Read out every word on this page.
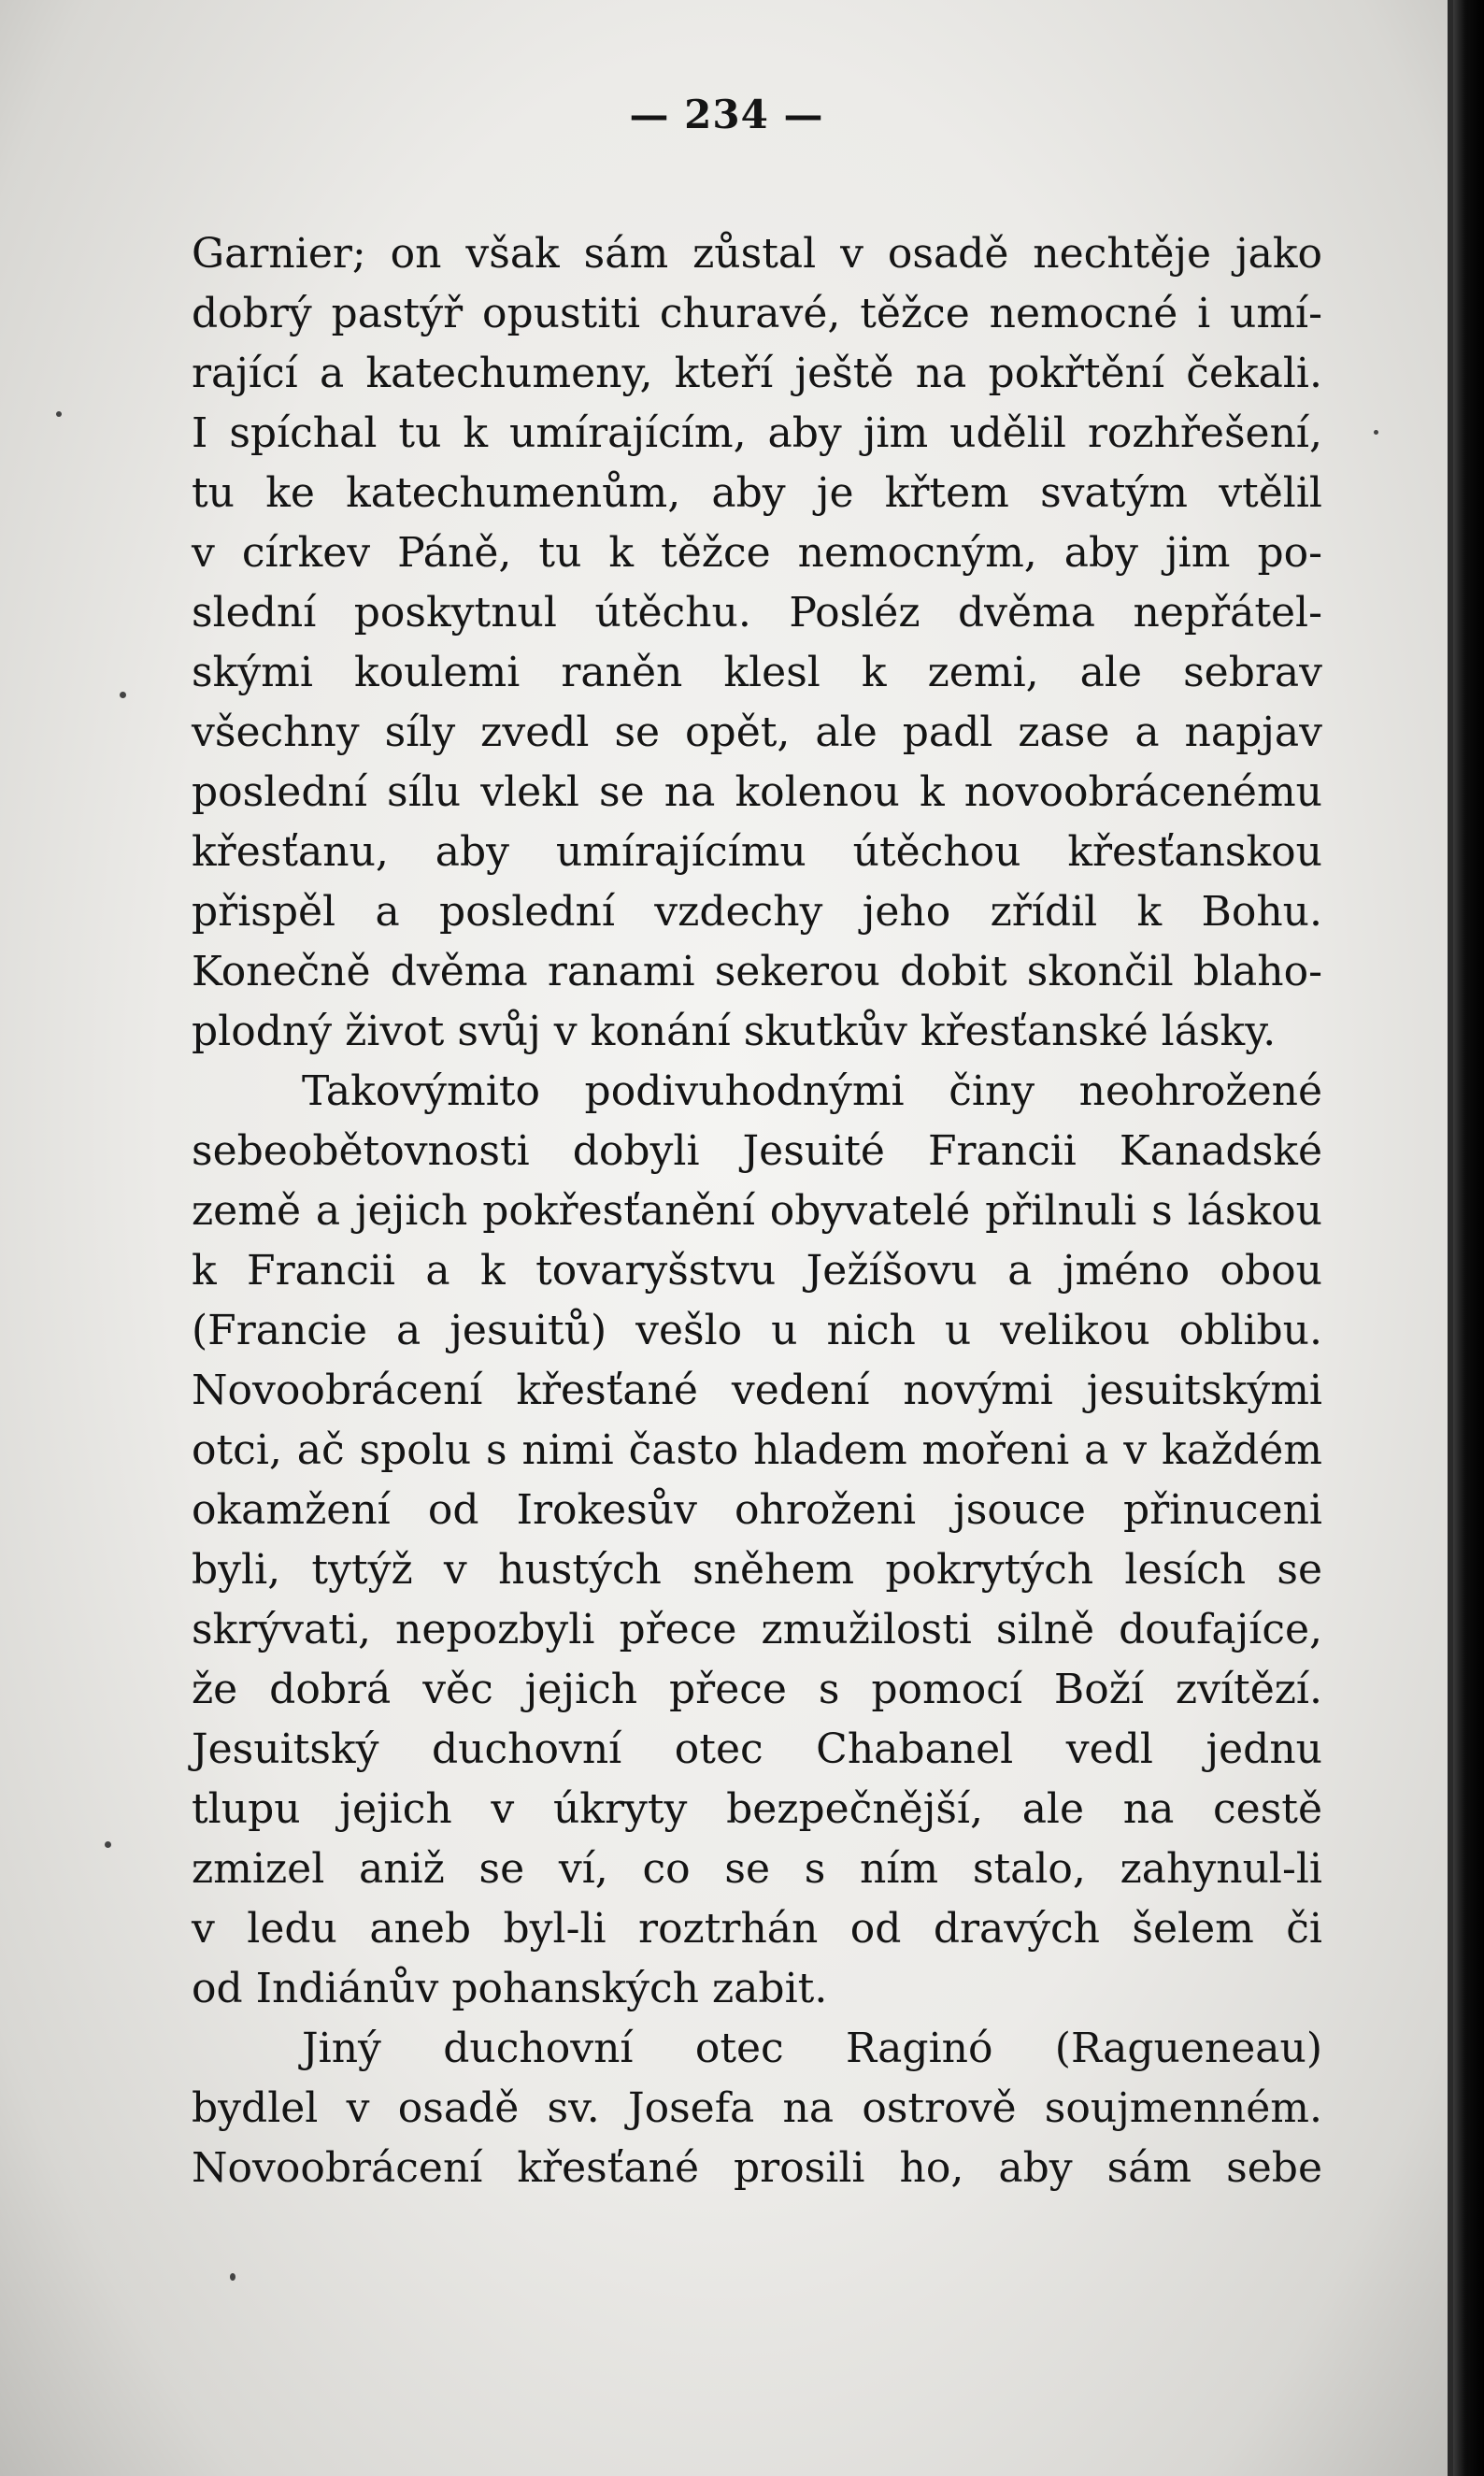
— 234 —
Garnier; on však sám zůstal v osadě nechtěje jako
dobrý pastýř opustiti churavé, těžce nemocné i umí-
rající a katechumeny, kteří ještě na pokřtění čekali.
I spíchal tu k umírajícím, aby jim udělil rozhřešení,
tu ke katechumenům, aby je křtem svatým vtělil
v církev Páně, tu k těžce nemocným, aby jim po-
slední poskytnul útěchu. Posléz dvěma nepřátel-
skými koulemi raněn klesl k zemi, ale sebrav
všechny síly zvedl se opět, ale padl zase a napjav
poslední sílu vlekl se na kolenou k novoobrácenému
křesťanu, aby umírajícímu útěchou křesťanskou
přispěl a poslední vzdechy jeho zřídil k Bohu.
Konečně dvěma ranami sekerou dobit skončil blaho-
plodný život svůj v konání skutkův křesťanské lásky.
Takovýmito podivuhodnými činy neohrožené
sebeobětovnosti dobyli Jesuité Francii Kanadské
země a jejich pokřesťanění obyvatelé přilnuli s láskou
k Francii a k tovaryšstvu Ježíšovu a jméno obou
(Francie a jesuitů) vešlo u nich u velikou oblibu.
Novoobrácení křesťané vedení novými jesuitskými
otci, ač spolu s nimi často hladem mořeni a v každém
okamžení od Irokesův ohroženi jsouce přinuceni
byli, tytýž v hustých sněhem pokrytých lesích se
skrývati, nepozbyli přece zmužilosti silně doufajíce,
že dobrá věc jejich přece s pomocí Boží zvítězí.
Jesuitský duchovní otec Chabanel vedl jednu
tlupu jejich v úkryty bezpečnější, ale na cestě
zmizel aniž se ví, co se s ním stalo, zahynul-li
v ledu aneb byl-li roztrhán od dravých šelem či
od Indiánův pohanských zabit.
Jiný duchovní otec Raginó (Ragueneau)
bydlel v osadě sv. Josefa na ostrově soujmenném.
Novoobrácení křesťané prosili ho, aby sám sebe
